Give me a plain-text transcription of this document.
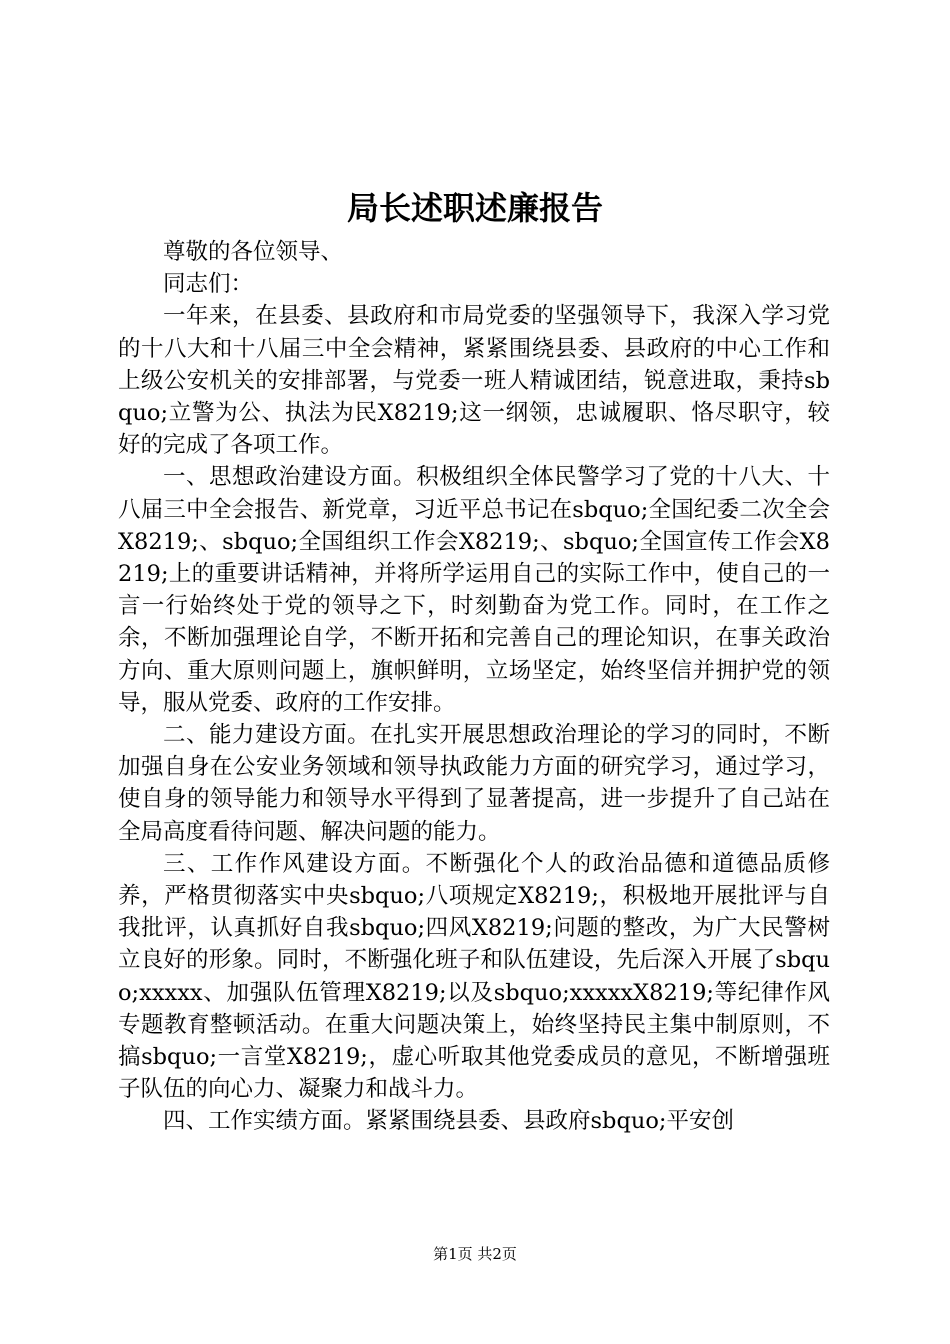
局长述职述廉报告

尊敬的各位领导、

同志们：

一年来，在县委、县政府和市局党委的坚强领导下，我深入学习党的十八大和十八届三中全会精神，紧紧围绕县委、县政府的中心工作和上级公安机关的安排部署，与党委一班人精诚团结，锐意进取，秉持sbquo;立警为公、执法为民X8219;这一纲领，忠诚履职、恪尽职守，较好的完成了各项工作。

一、思想政治建设方面。积极组织全体民警学习了党的十八大、十八届三中全会报告、新党章，习近平总书记在sbquo;全国纪委二次全会X8219;、sbquo;全国组织工作会X8219;、sbquo;全国宣传工作会X8219;上的重要讲话精神，并将所学运用自己的实际工作中，使自己的一言一行始终处于党的领导之下，时刻勤奋为党工作。同时，在工作之余，不断加强理论自学，不断开拓和完善自己的理论知识，在事关政治方向、重大原则问题上，旗帜鲜明，立场坚定，始终坚信并拥护党的领导，服从党委、政府的工作安排。

二、能力建设方面。在扎实开展思想政治理论的学习的同时，不断加强自身在公安业务领域和领导执政能力方面的研究学习，通过学习，使自身的领导能力和领导水平得到了显著提高，进一步提升了自己站在全局高度看待问题、解决问题的能力。

三、工作作风建设方面。不断强化个人的政治品德和道德品质修养，严格贯彻落实中央sbquo;八项规定X8219;，积极地开展批评与自我批评，认真抓好自我sbquo;四风X8219;问题的整改，为广大民警树立良好的形象。同时，不断强化班子和队伍建设，先后深入开展了sbquo;xxxxx、加强队伍管理X8219;以及sbquo;xxxxxX8219;等纪律作风专题教育整顿活动。在重大问题决策上，始终坚持民主集中制原则，不搞sbquo;一言堂X8219;，虚心听取其他党委成员的意见，不断增强班子队伍的向心力、凝聚力和战斗力。

四、工作实绩方面。紧紧围绕县委、县政府sbquo;平安创

第1页 共2页
